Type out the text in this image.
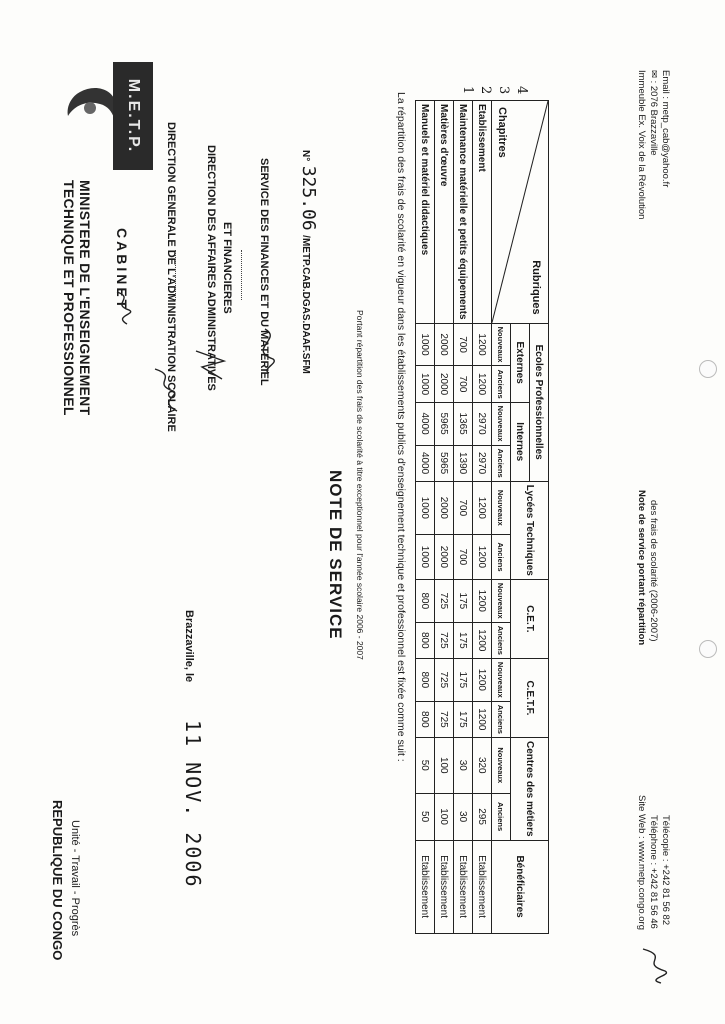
MINISTERE DE L'ENSEIGNEMENT
TECHNIQUE ET PROFESSIONNEL
M.E.T.P.
CABINET	DIRECTION GENERALE DE L'ADMINISTRATION SCOLAIRE	DIRECTION DES AFFAIRES ADMINISTRATIVES ET FINANCIERES SERVICE DES FINANCES ET DU MATERIEL
N° 325.06 /METP.CAB.DGAS.DAAF.SFM
REPUBLIQUE DU CONGO Unité - Travail - Progrès
Brazzaville, le
11 NOV. 2006
NOTE DE SERVICE Portant répartition des frais de scolarité à titre exceptionnel pour l'année scolaire 2006 - 2007	La répartition des frais de scolarité en vigueur dans les établissements publics d'enseignement technique et professionnel est fixée comme suit :	Rubriques
Chapitres	Ecoles Professionnelles				Lycées Techniques		C.E.T.		C.E.T.F.		Centres des métiers		Bénéficiaires
	Externes		Internes										
	Nouveaux	Anciens	Nouveaux	Anciens	Nouveaux	Anciens	Nouveaux	Anciens	Nouveaux	Anciens	Nouveaux	Anciens	
Etablissement	1200	1200	2970	2970	1200	1200	1200	1200	1200	1200	320	295	Etablissement
Maintenance matérielle et petits équipements	700	700	1365	1390	700	700	175	175	175	175	30	30	Etablissement
Matières d'œuvre	2000	2000	5965	5965	2000	2000	725	725	725	725	100	100	Etablissement
Manuels et matériel didactiques	1000	1000	4000	4000	1000	1000	800	800	800	800	50	50	Etablissement
1 2 3 4	Immeuble Ex. Voix de la Révolution ✉ : 2076 Brazzaville Email : metp_cab@yahoo.fr
Note de service portant répartition des frais de scolarité (2006-2007)
Site Web : www.metp.congo.org Téléphone : +242 81 56 46 Télécopie : +242 81 56 82
